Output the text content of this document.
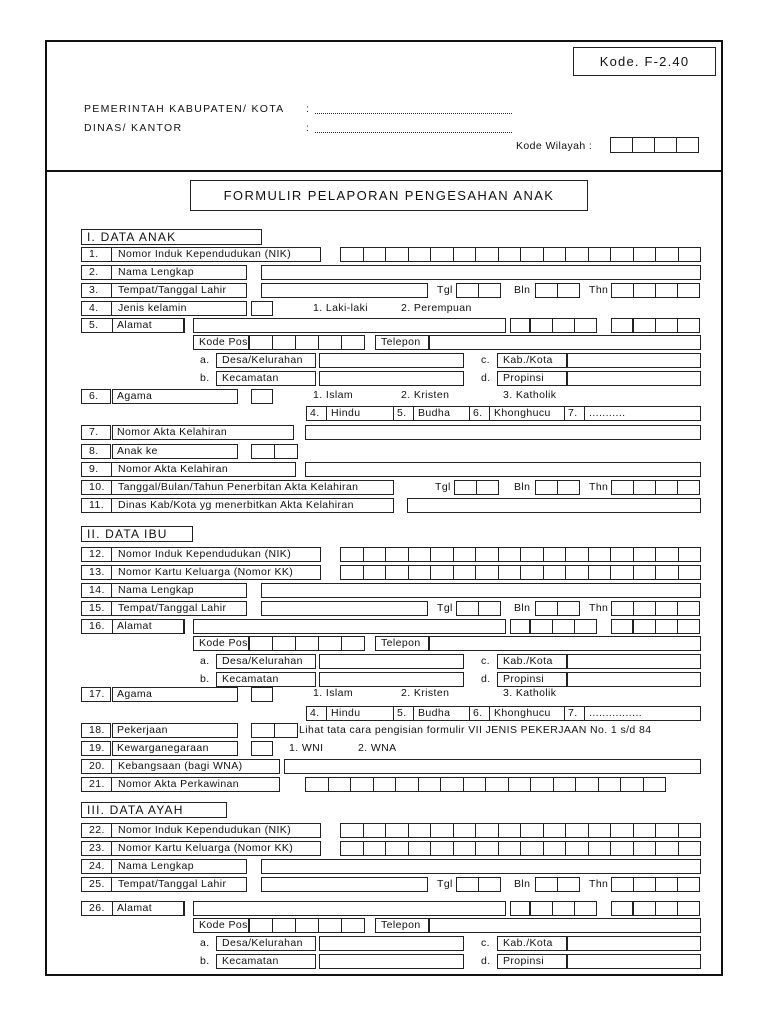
Kode. F-2.40
PEMERINTAH KABUPATEN/ KOTA :
DINAS/ KANTOR	:
Kode Wilayah :
FORMULIR PELAPORAN PENGESAHAN ANAK
I. DATA ANAK
1. Nomor Induk Kependudukan (NIK)
2. Nama Lengkap
3. Tempat/Tanggal Lahir	Tgl	Bln	Thn
4. Jenis kelamin	1. Laki-laki	2. Perempuan
5. Alamat
Kode Pos	Telepon
a.	Desa/Kelurahan	c.	Kab./Kota
b.	Kecamatan	d.	Propinsi
6. Agama	1. Islam	2. Kristen	3. Katholik
4. Hindu	5. Budha 6. Khonghucu 7. ...........
7. Nomor Akta Kelahiran
8. Anak ke
9. Nomor Akta Kelahiran
10. Tanggal/Bulan/Tahun Penerbitan Akta Kelahiran	Tgl	Bln	Thn
11. Dinas Kab/Kota yg menerbitkan Akta Kelahiran
II. DATA IBU
12. Nomor Induk Kependudukan (NIK)
13. Nomor Kartu Keluarga (Nomor KK)
14. Nama Lengkap
15. Tempat/Tanggal Lahir	Tgl	Bln	Thn
16. Alamat
Kode Pos	Telepon
a.	Desa/Kelurahan	c.	Kab./Kota
b.	Kecamatan	d.	Propinsi
17. Agama	1. Islam	2. Kristen	3. Katholik
4. Hindu	5. Budha 6. Khonghucu 7. ................
18. Pekerjaan	Lihat tata cara pengisian formulir VII JENIS PEKERJAAN No. 1 s/d 84
19. Kewarganegaraan	1. WNI	2. WNA
20. Kebangsaan (bagi WNA)
21. Nomor Akta Perkawinan
III. DATA AYAH
22. Nomor Induk Kependudukan (NIK)
23. Nomor Kartu Keluarga (Nomor KK)
24. Nama Lengkap
25. Tempat/Tanggal Lahir	Tgl	Bln	Thn
26. Alamat
Kode Pos	Telepon
a.	Desa/Kelurahan	c.	Kab./Kota
b.	Kecamatan	d.	Propinsi
